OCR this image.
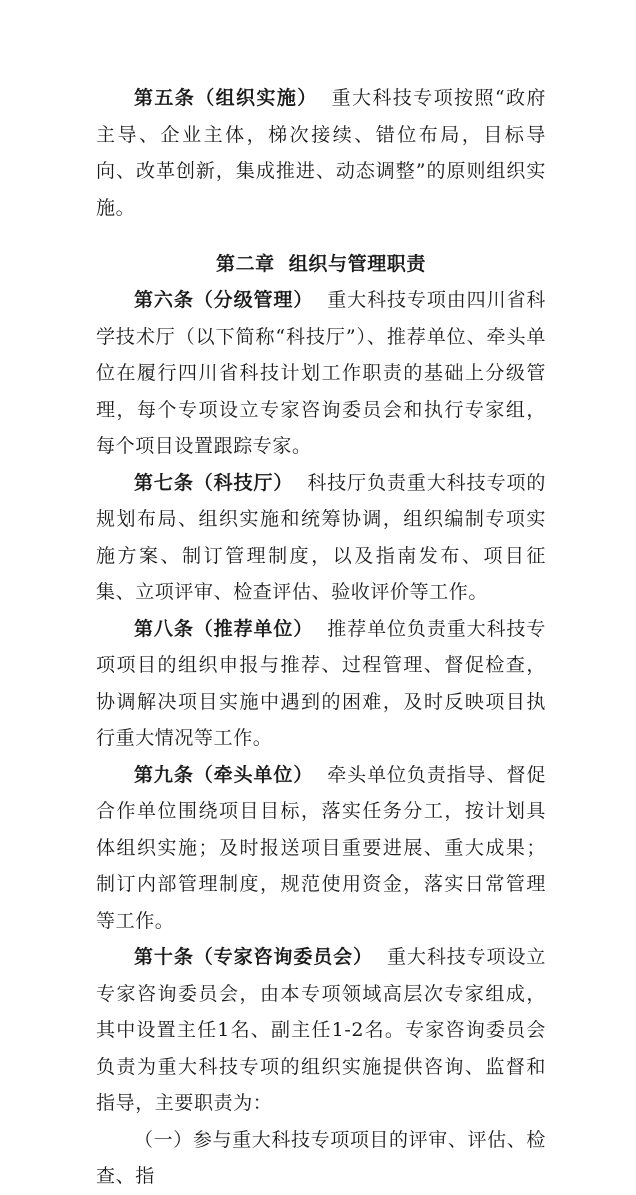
第五条（组织实施） 重大科技专项按照“政府主导、企业主体，梯次接续、错位布局，目标导向、改革创新，集成推进、动态调整”的原则组织实施。

第二章 组织与管理职责

第六条（分级管理） 重大科技专项由四川省科学技术厅（以下简称“科技厅”）、推荐单位、牵头单位在履行四川省科技计划工作职责的基础上分级管理，每个专项设立专家咨询委员会和执行专家组，每个项目设置跟踪专家。

第七条（科技厅） 科技厅负责重大科技专项的规划布局、组织实施和统筹协调，组织编制专项实施方案、制订管理制度，以及指南发布、项目征集、立项评审、检查评估、验收评价等工作。

第八条（推荐单位） 推荐单位负责重大科技专项项目的组织申报与推荐、过程管理、督促检查，协调解决项目实施中遇到的困难，及时反映项目执行重大情况等工作。

第九条（牵头单位） 牵头单位负责指导、督促合作单位围绕项目目标，落实任务分工，按计划具体组织实施；及时报送项目重要进展、重大成果；制订内部管理制度，规范使用资金，落实日常管理等工作。

第十条（专家咨询委员会） 重大科技专项设立专家咨询委员会，由本专项领域高层次专家组成，其中设置主任1名、副主任1-2名。专家咨询委员会负责为重大科技专项的组织实施提供咨询、监督和指导，主要职责为：

（一）参与重大科技专项项目的评审、评估、检查、指
